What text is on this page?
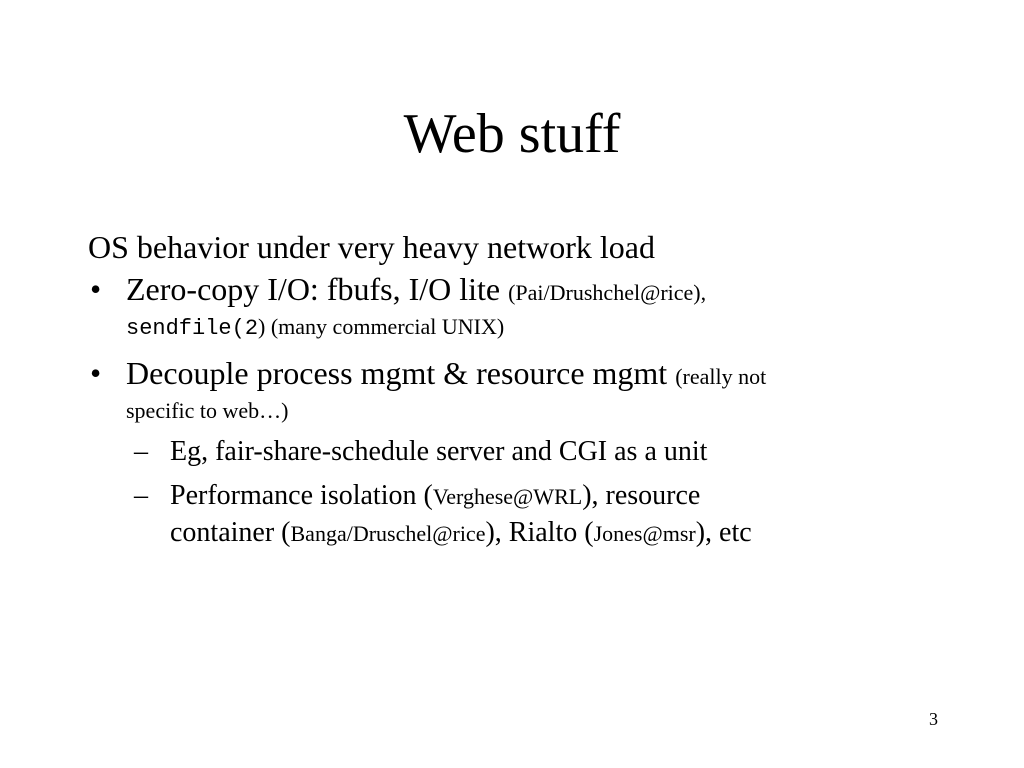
Web stuff

OS behavior under very heavy network load

• Zero-copy I/O: fbufs, I/O lite (Pai/Drushchel@rice),
sendfile(2) (many commercial UNIX)
• Decouple process mgmt & resource mgmt (really not
specific to web…)
– Eg, fair-share-schedule server and CGI as a unit
– Performance isolation (Verghese@WRL), resource
container (Banga/Druschel@rice), Rialto (Jones@msr), etc
3
